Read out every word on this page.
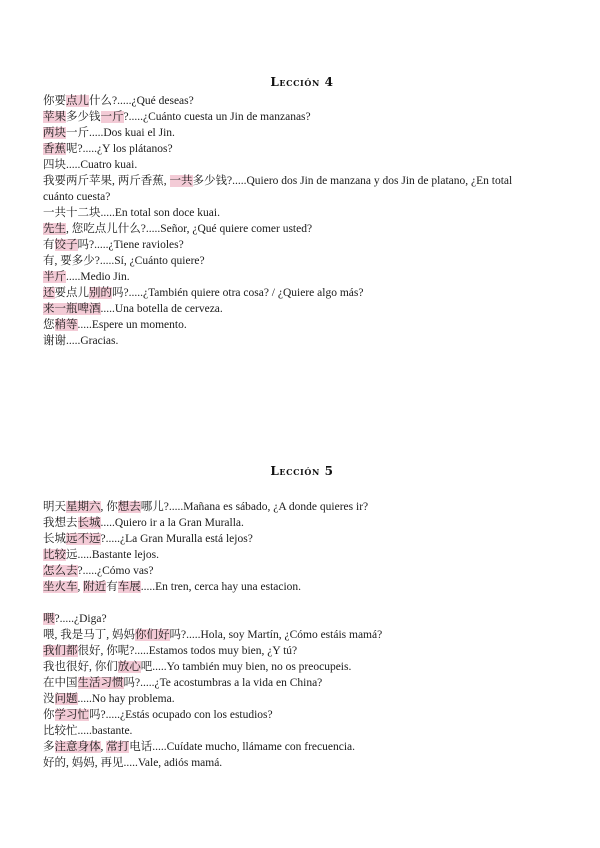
Lección 4
你要点儿什么?.....¿Qué deseas?
苹果多少钱一斤?.....¿Cuánto cuesta un Jin de manzanas?
两块一斤.....Dos kuai el Jin.
香蕉呢?.....¿Y los plátanos?
四块.....Cuatro kuai.
我要两斤苹果, 两斤香蕉, 一共多少钱?.....Quiero dos Jin de manzana y dos Jin de platano, ¿En total
cuánto cuesta?
一共十二块.....En total son doce kuai.
先生, 您吃点儿什么?.....Señor, ¿Qué quiere comer usted?
有饺子吗?.....¿Tiene ravioles?
有, 要多少?.....Sí, ¿Cuánto quiere?
半斤.....Medio Jin.
还要点儿别的吗?.....¿También quiere otra cosa? / ¿Quiere algo más?
来一瓶啤酒.....Una botella de cerveza.
您稍等.....Espere un momento.
谢谢.....Gracias.
Lección 5
明天星期六, 你想去哪儿?.....Mañana es sábado, ¿A donde quieres ir?
我想去长城.....Quiero ir a la Gran Muralla.
长城远不远?.....¿La Gran Muralla está lejos?
比较远.....Bastante lejos.
怎么去?.....¿Cómo vas?
坐火车, 附近有车展.....En tren, cerca hay una estacion.
喂?.....¿Diga?
喂, 我是马丁, 妈妈你们好吗?.....Hola, soy Martín, ¿Cómo estáis mamá?
我们都很好, 你呢?.....Estamos todos muy bien, ¿Y tú?
我也很好, 你们放心吧.....Yo también muy bien, no os preocupeis.
在中国生活习惯吗?.....¿Te acostumbras a la vida en China?
没问题.....No hay problema.
你学习忙吗?.....¿Estás ocupado con los estudios?
比较忙.....bastante.
多注意身体, 常打电话.....Cuídate mucho, llámame con frecuencia.
好的, 妈妈, 再见.....Vale, adiós mamá.
